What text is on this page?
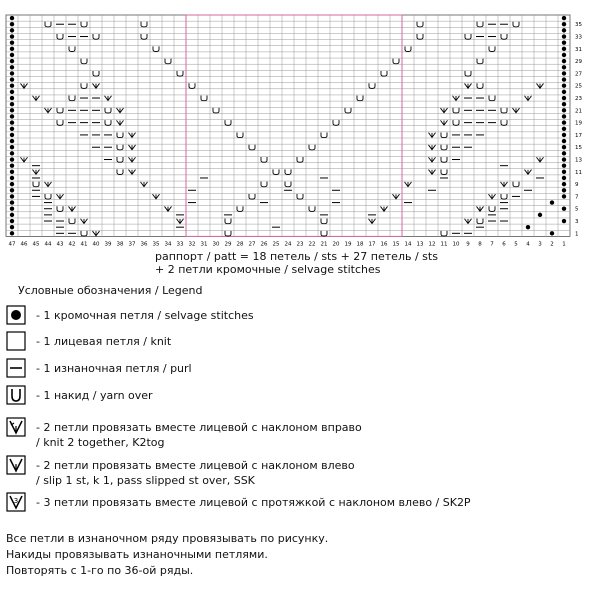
35
33
31
29
27
25
23
21
19
17
15
13
11
9
7
5
3
1
47 46 45 44 43 42 41 40 39 38 37 36 35 34 33 32 31 30 29 28 27 26 25 24 23 22 21 20 19 18 17 16 15 14 13 12 11 10 9 8 7 6 5 4 3 2 1
раппорт / patt = 18 петель / sts + 27 петель / sts
+ 2 петли кромочные / selvage stitches
Условные обозначения / Legend
- 1 кромочная петля / selvage stitches
- 1 лицевая петля / knit
- 1 изнаночная петля / purl
- 1 накид / yarn over
- 2 петли провязать вместе лицевой с наклоном вправо
/ knit 2 together, K2tog
- 2 петли провязать вместе лицевой с наклоном влево
/ slip 1 st, k 1, pass slipped st over, SSK
3 - 3 петли провязать вместе лицевой с протяжкой с наклоном влево / SK2P
Все петли в изнаночном ряду провязывать по рисунку.
Накиды провязывать изнаночными петлями.
Повторять с 1-го по 36-ой ряды.
